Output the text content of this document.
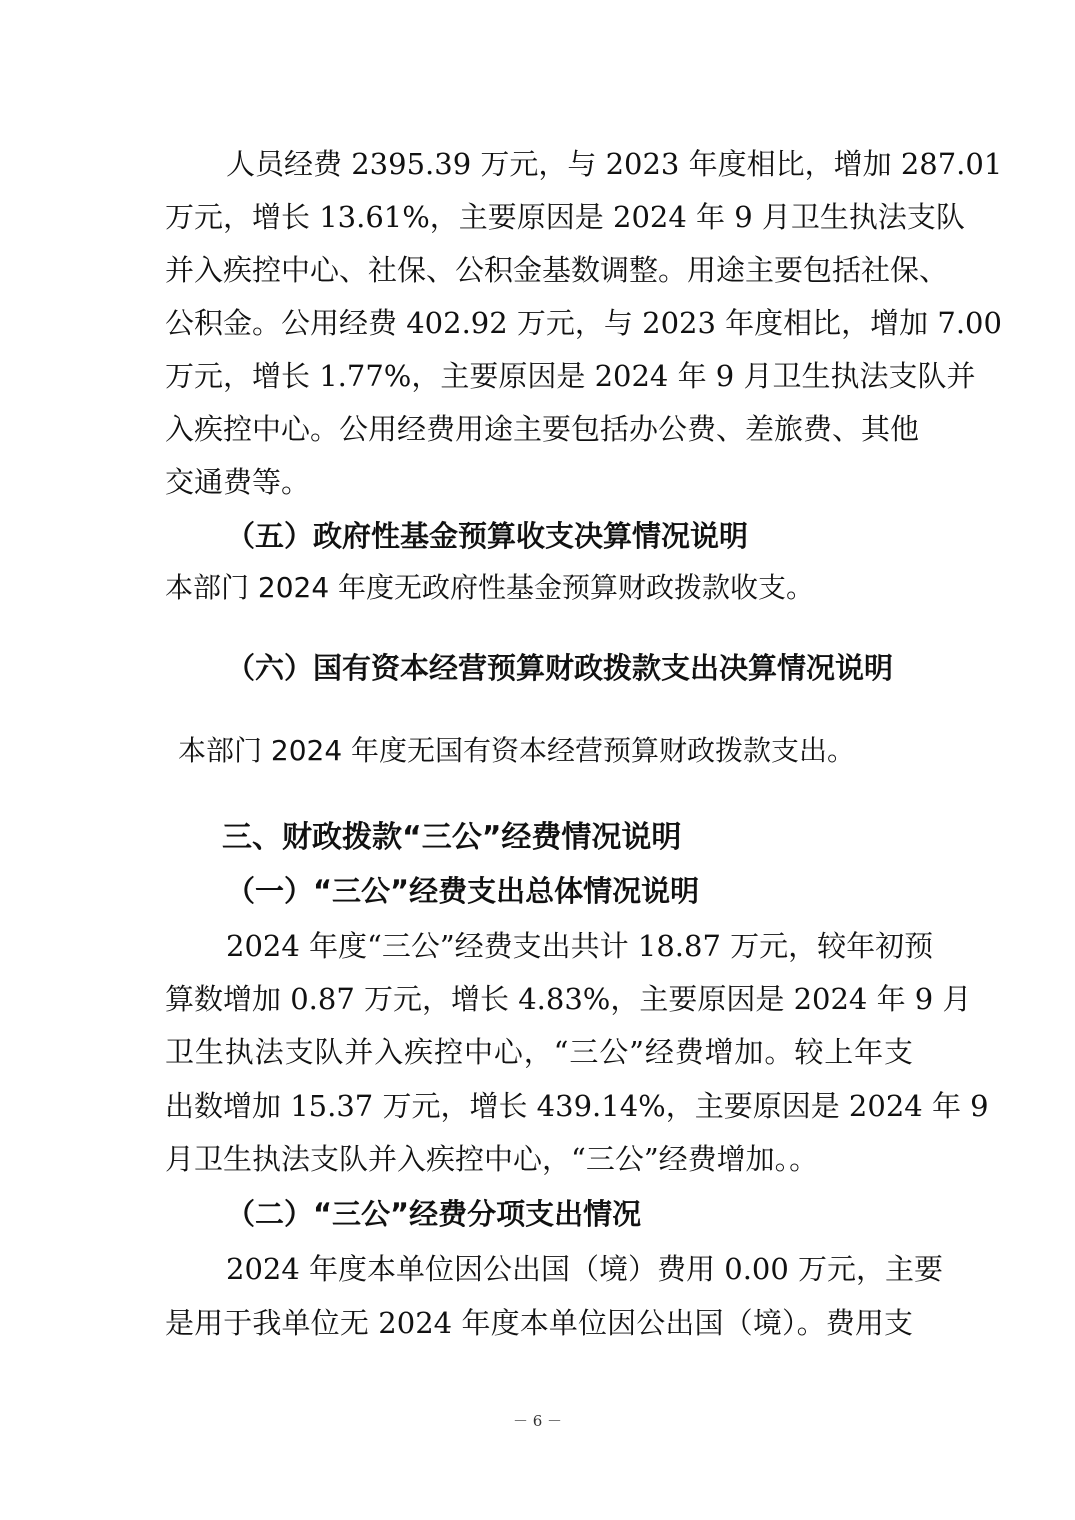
人员经费 2395.39 万元，与 2023 年度相比，增加 287.01
万元，增长 13.61%，主要原因是 2024 年 9 月卫生执法支队
并入疾控中心、社保、公积金基数调整。用途主要包括社保、
公积金。公用经费 402.92 万元，与 2023 年度相比，增加 7.00
万元，增长 1.77%，主要原因是 2024 年 9 月卫生执法支队并
入疾控中心。公用经费用途主要包括办公费、差旅费、其他
交通费等。
（五）政府性基金预算收支决算情况说明
本部门 2024 年度无政府性基金预算财政拨款收支。
（六）国有资本经营预算财政拨款支出决算情况说明
本部门 2024 年度无国有资本经营预算财政拨款支出。
三、财政拨款“三公”经费情况说明
（一）“三公”经费支出总体情况说明
2024 年度“三公”经费支出共计 18.87 万元，较年初预
算数增加 0.87 万元，增长 4.83%，主要原因是 2024 年 9 月
卫生执法支队并入疾控中心，“三公”经费增加。较上年支
出数增加 15.37 万元，增长 439.14%，主要原因是 2024 年 9
月卫生执法支队并入疾控中心，“三公”经费增加。。
（二）“三公”经费分项支出情况
2024 年度本单位因公出国（境）费用 0.00 万元，主要
是用于我单位无 2024 年度本单位因公出国（境）。费用支
－ 6 －
